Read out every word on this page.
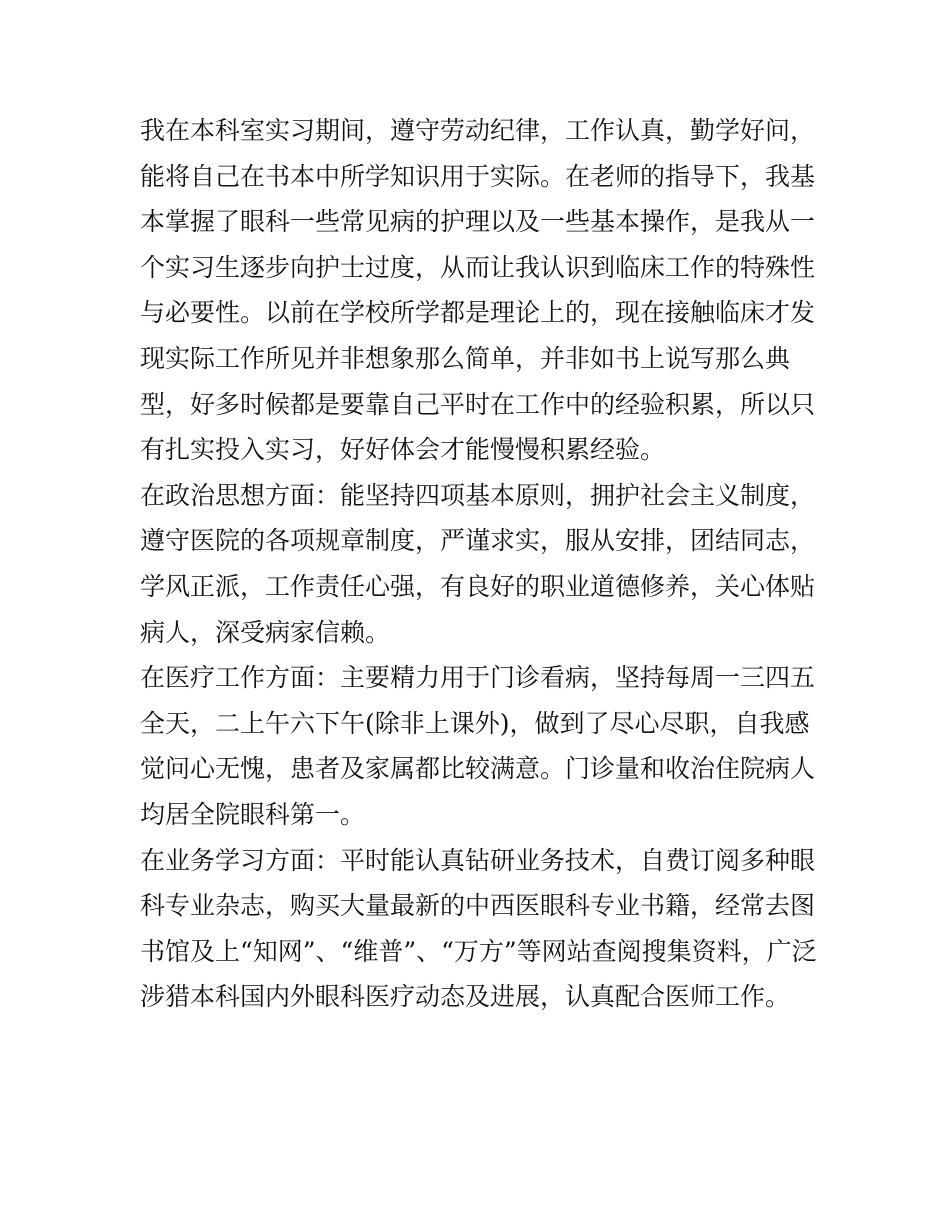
我在本科室实习期间，遵守劳动纪律，工作认真，勤学好问，
能将自己在书本中所学知识用于实际。在老师的指导下，我基
本掌握了眼科一些常见病的护理以及一些基本操作，是我从一
个实习生逐步向护士过度，从而让我认识到临床工作的特殊性
与必要性。以前在学校所学都是理论上的，现在接触临床才发
现实际工作所见并非想象那么简单，并非如书上说写那么典
型，好多时候都是要靠自己平时在工作中的经验积累，所以只
有扎实投入实习，好好体会才能慢慢积累经验。
在政治思想方面：能坚持四项基本原则，拥护社会主义制度，
遵守医院的各项规章制度，严谨求实，服从安排，团结同志，
学风正派，工作责任心强，有良好的职业道德修养，关心体贴
病人，深受病家信赖。
在医疗工作方面：主要精力用于门诊看病，坚持每周一三四五
全天，二上午六下午(除非上课外)，做到了尽心尽职，自我感
觉问心无愧，患者及家属都比较满意。门诊量和收治住院病人
均居全院眼科第一。
在业务学习方面：平时能认真钻研业务技术，自费订阅多种眼
科专业杂志，购买大量最新的中西医眼科专业书籍，经常去图
书馆及上“知网”、“维普”、“万方”等网站查阅搜集资料，广泛
涉猎本科国内外眼科医疗动态及进展，认真配合医师工作。
